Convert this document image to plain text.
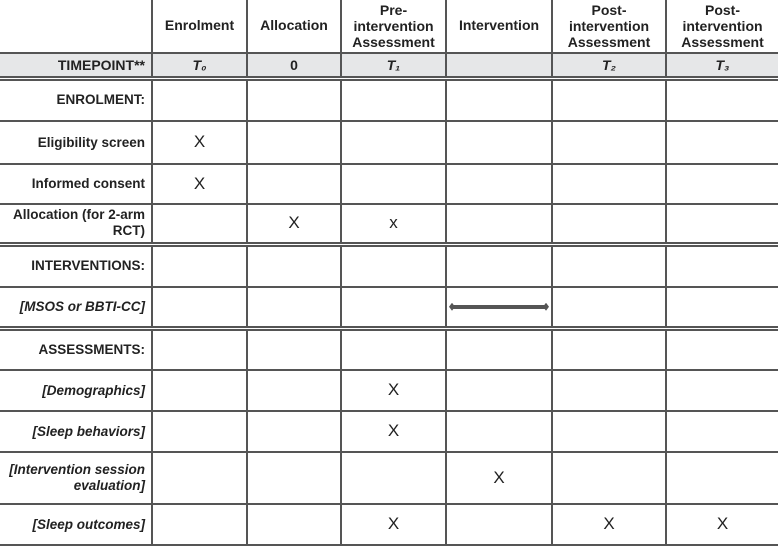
	Enrolment	Allocation	Pre-intervention Assessment	Intervention	Post-intervention Assessment	Post-intervention Assessment
TIMEPOINT**	T₀	0	T₁		T₂	T₃
ENROLMENT:						
Eligibility screen	X					
Informed consent	X					
Allocation (for 2-arm RCT)		X	x			
INTERVENTIONS:						
[MSOS or BBTI-CC]				

ASSESSMENTS:						
[Demographics]			X			
[Sleep behaviors]			X			
[Intervention session evaluation]				X		
[Sleep outcomes]			X		X	X
